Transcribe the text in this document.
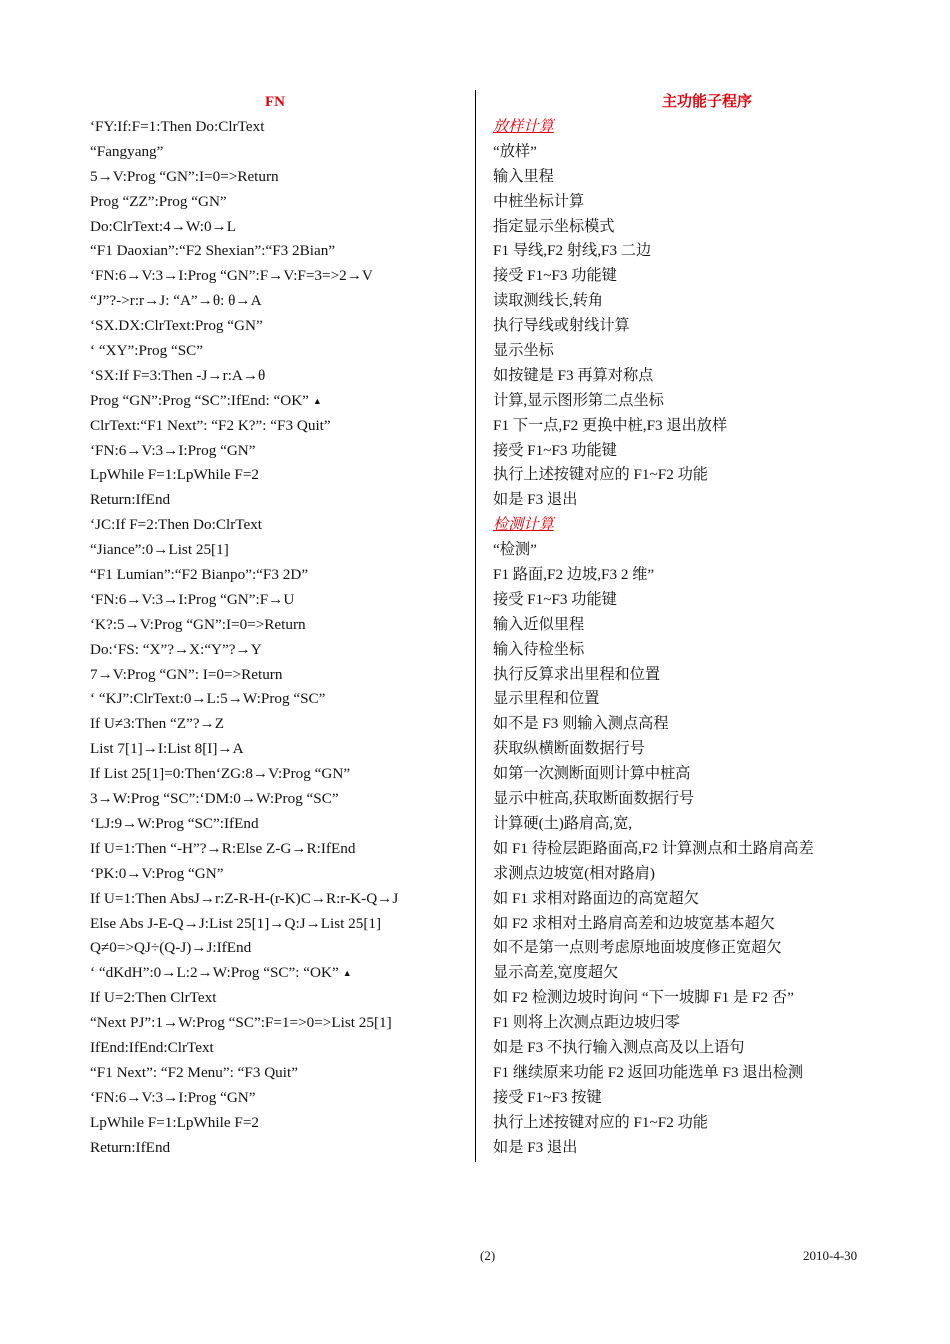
FN
‘FY:If:F=1:Then Do:ClrText
“Fangyang”
5→V:Prog “GN”:I=0=>Return
Prog “ZZ”:Prog “GN”
Do:ClrText:4→W:0→L
“F1 Daoxian”:“F2 Shexian”:“F3 2Bian”
‘FN:6→V:3→I:Prog “GN”:F→V:F=3=>2→V
“J”?->r:r→J: “A”→θ: θ→A
‘SX.DX:ClrText:Prog “GN”
‘ “XY”:Prog “SC”
‘SX:If F=3:Then -J→r:A→θ
Prog “GN”:Prog “SC”:IfEnd: “OK” ▲
ClrText:“F1 Next”: “F2 K?”: “F3 Quit”
‘FN:6→V:3→I:Prog “GN”
LpWhile F=1:LpWhile F=2
Return:IfEnd
‘JC:If F=2:Then Do:ClrText
“Jiance”:0→List 25[1]
“F1 Lumian”:“F2 Bianpo”:“F3 2D”
‘FN:6→V:3→I:Prog “GN”:F→U
‘K?:5→V:Prog “GN”:I=0=>Return
Do:‘FS: “X”?→X:“Y”?→Y
7→V:Prog “GN”: I=0=>Return
‘ “KJ”:ClrText:0→L:5→W:Prog “SC”
If U≠3:Then “Z”?→Z
List 7[1]→I:List 8[I]→A
If List 25[1]=0:Then‘ZG:8→V:Prog “GN”
3→W:Prog “SC”:‘DM:0→W:Prog “SC”
‘LJ:9→W:Prog “SC”:IfEnd
If U=1:Then “-H”?→R:Else Z-G→R:IfEnd
‘PK:0→V:Prog “GN”
If U=1:Then AbsJ→r:Z-R-H-(r-K)C→R:r-K-Q→J
Else Abs J-E-Q→J:List 25[1]→Q:J→List 25[1]
Q≠0=>QJ÷(Q-J)→J:IfEnd
‘ “dKdH”:0→L:2→W:Prog “SC”: “OK” ▲
If U=2:Then ClrText
“Next PJ”:1→W:Prog “SC”:F=1=>0=>List 25[1]
IfEnd:IfEnd:ClrText
“F1 Next”: “F2 Menu”: “F3 Quit”
‘FN:6→V:3→I:Prog “GN”
LpWhile F=1:LpWhile F=2
Return:IfEnd
主功能子程序
放样计算
“放样”
输入里程
中桩坐标计算
指定显示坐标模式
F1 导线,F2 射线,F3 二边
接受 F1~F3 功能键
读取测线长,转角
执行导线或射线计算
显示坐标
如按键是 F3 再算对称点
计算,显示图形第二点坐标
F1 下一点,F2 更换中桩,F3 退出放样
接受 F1~F3 功能键
执行上述按键对应的 F1~F2 功能
如是 F3 退出
检测计算
“检测”
F1 路面,F2 边坡,F3 2 维”
接受 F1~F3 功能键
输入近似里程
输入待检坐标
执行反算求出里程和位置
显示里程和位置
如不是 F3 则输入测点高程
获取纵横断面数据行号
如第一次测断面则计算中桩高
显示中桩高,获取断面数据行号
计算硬(土)路肩高,宽,
如 F1 待检层距路面高,F2 计算测点和土路肩高差
求测点边坡宽(相对路肩)
如 F1 求相对路面边的高宽超欠
如 F2 求相对土路肩高差和边坡宽基本超欠
如不是第一点则考虑原地面坡度修正宽超欠
显示高差,宽度超欠
如 F2 检测边坡时询问 “下一坡脚 F1 是 F2 否”
F1 则将上次测点距边坡归零
如是 F3 不执行输入测点高及以上语句
F1 继续原来功能 F2 返回功能选单 F3 退出检测
接受 F1~F3 按键
执行上述按键对应的 F1~F2 功能
如是 F3 退出
(2)	2010-4-30
